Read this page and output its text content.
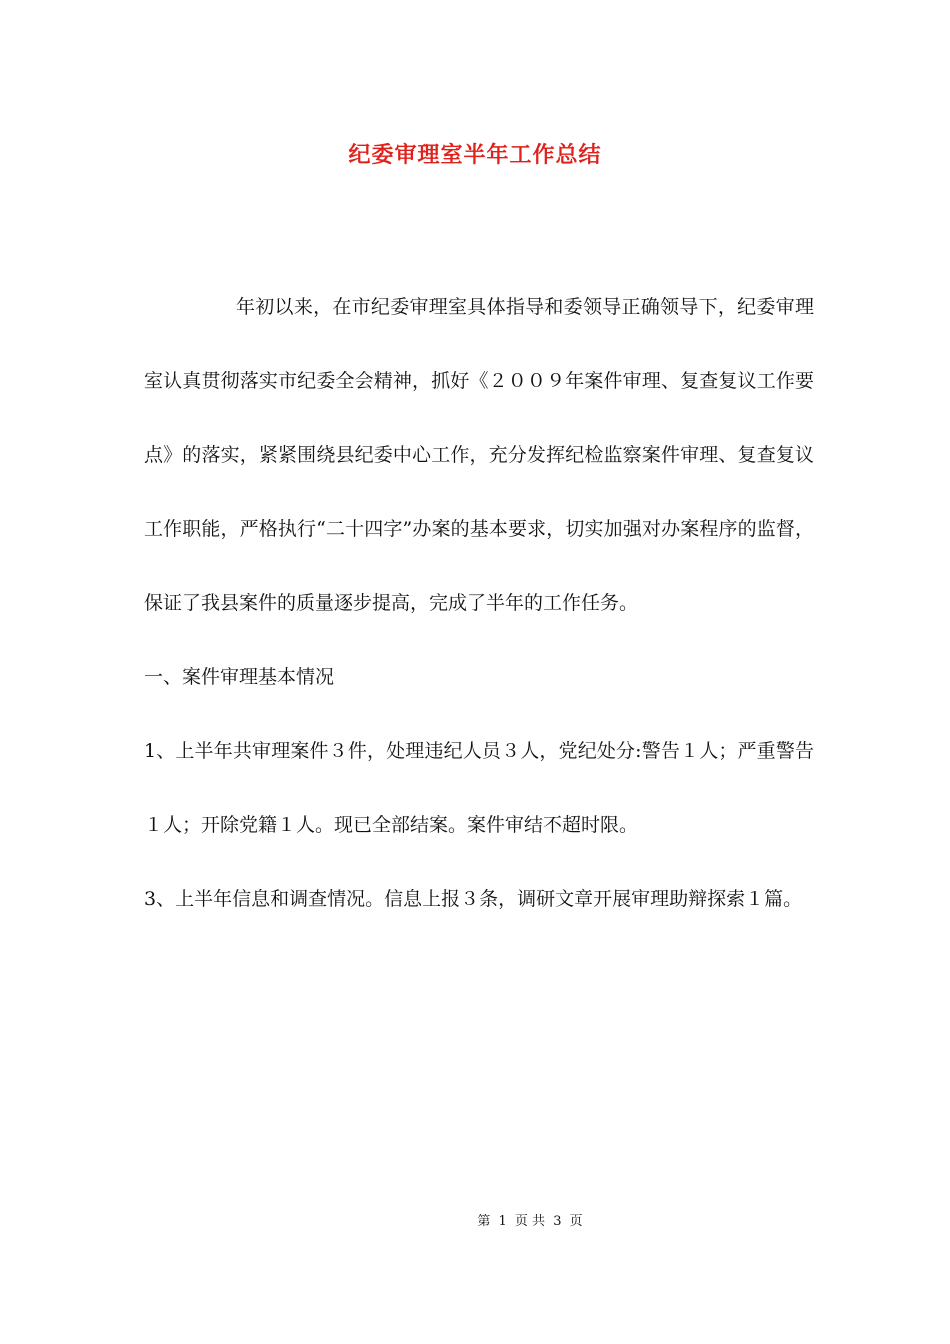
纪委审理室半年工作总结

年初以来，在市纪委审理室具体指导和委领导正确领导下，纪委审理室认真贯彻落实市纪委全会精神，抓好《２００９年案件审理、复查复议工作要点》的落实，紧紧围绕县纪委中心工作，充分发挥纪检监察案件审理、复查复议工作职能，严格执行“二十四字”办案的基本要求，切实加强对办案程序的监督，保证了我县案件的质量逐步提高，完成了半年的工作任务。

一、案件审理基本情况

1、上半年共审理案件３件，处理违纪人员３人，党纪处分:警告１人；严重警告１人；开除党籍１人。现已全部结案。案件审结不超时限。

3、上半年信息和调查情况。信息上报３条，调研文章开展审理助辩探索１篇。

第 1 页 共 3 页
